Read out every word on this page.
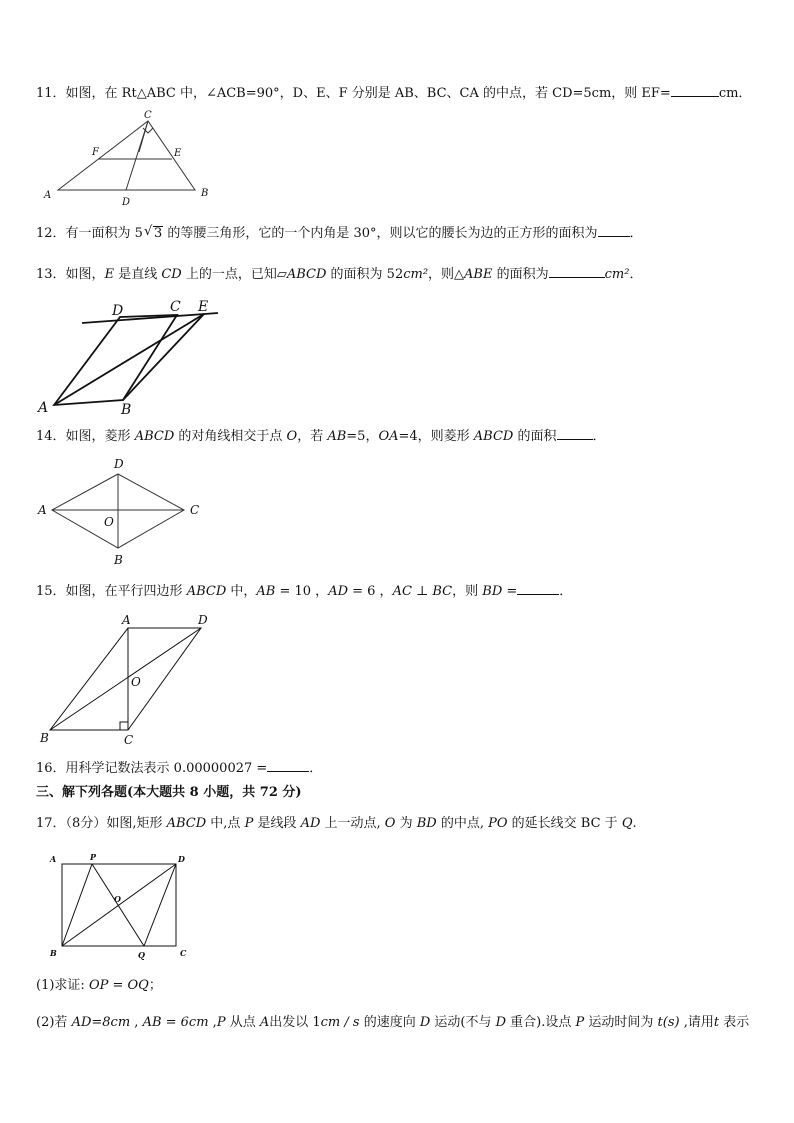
11．如图，在 Rt△ABC 中，∠ACB=90°，D、E、F 分别是 AB、BC、CA 的中点，若 CD=5cm，则 EF=	cm．
A	B
C
D
E
F
12．有一面积为 5√ 3 的等腰三角形，它的一个内角是 30°，则以它的腰长为边的正方形的面积为 ．
13．如图，E 是直线 CD 上的一点，已知▱ABCD 的面积为 52cm²，则△ABE 的面积为	cm²．
A	B
C
D	E
14．如图，菱形 ABCD 的对角线相交于点 O，若 AB=5，OA=4，则菱形 ABCD 的面积	．
A
B
C
D
O
15．如图，在平行四边形 ABCD 中，AB = 10 ，AD = 6 ，AC ⊥ BC，则 BD =	．
A
B	C
D
O
16．用科学记数法表示 0.00000027 =	．
三、解下列各题(本大题共 8 小题，共 72 分)
17．（8分）如图,矩形 ABCD 中,点 P 是线段 AD 上一动点, O 为 BD 的中点, PO 的延长线交 BC 于 Q.
A
B	C
D
P
O
Q
(1)求证: OP = OQ；
(2)若 AD=8cm , AB = 6cm ,P 从点 A出发以 1cm / s 的速度向 D 运动(不与 D 重合).设点 P 运动时间为 t(s) ,请用t 表示
